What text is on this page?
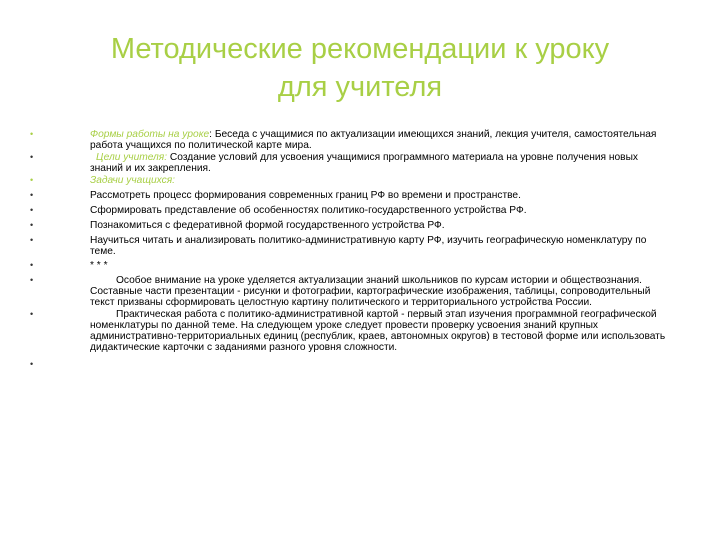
Методические рекомендации к уроку
для учителя
•	Формы работы на уроке: Беседа с учащимися по актуализации имеющихся знаний, лекция учителя, самостоятельная работа учащихся по политической карте мира.
•	Цели учителя: Создание условий для усвоения учащимися программного материала на уровне получения новых знаний и их закрепления.
•	Задачи учащихся:
•	Рассмотреть процесс формирования современных границ РФ во времени и пространстве.
•	Сформировать представление об особенностях политико-государственного устройства РФ.
•	Познакомиться с федеративной формой государственного устройства РФ.
•	Научиться читать и анализировать политико-административную карту РФ, изучить географическую номенклатуру по теме.
•	* * *
•	Особое внимание на уроке уделяется актуализации знаний школьников по курсам истории и обществознания. Составные части презентации - рисунки и фотографии, картографические изображения, таблицы, сопроводительный текст призваны сформировать целостную картину политического и территориального устройства России.
•	Практическая работа с политико-административной картой - первый этап изучения программной географической номенклатуры по данной теме. На следующем уроке следует провести проверку усвоения знаний крупных административно-территориальных единиц (республик, краев, автономных округов) в тестовой форме или использовать дидактические карточки с заданиями разного уровня сложности.
•
